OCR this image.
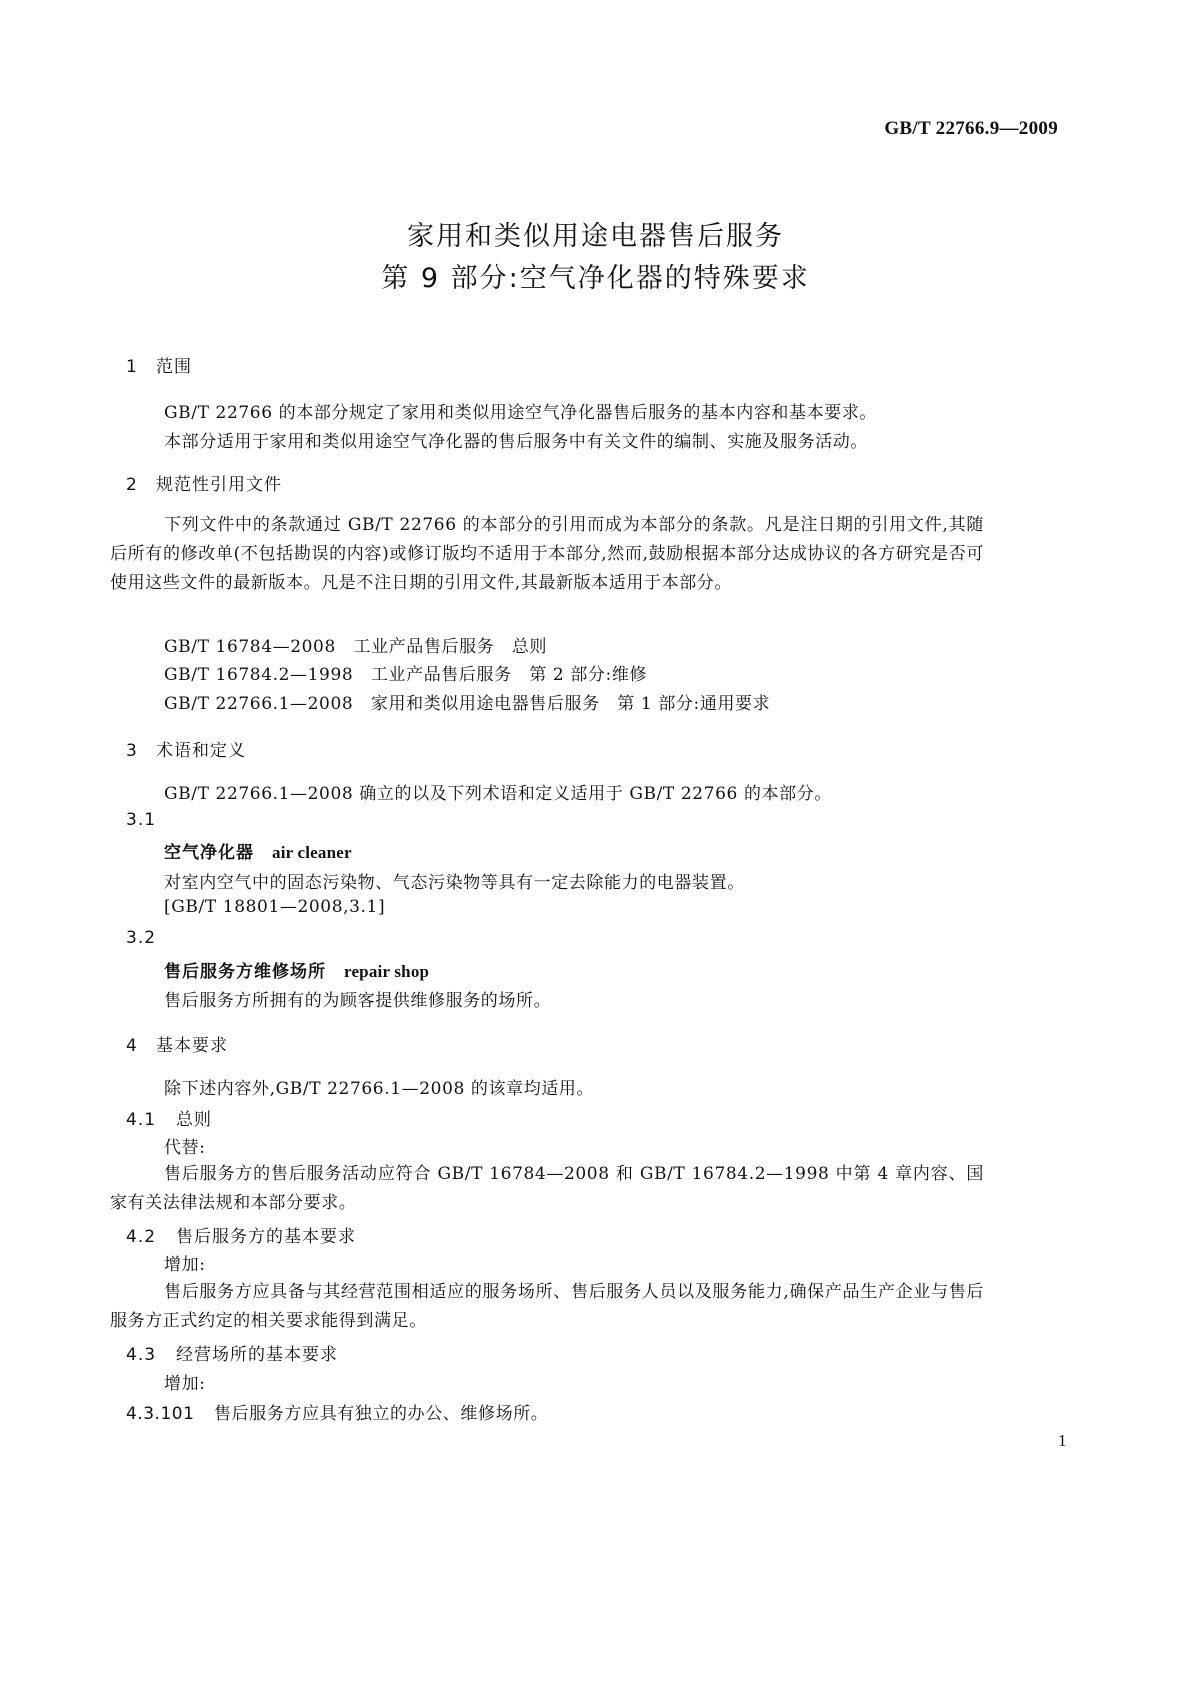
GB/T 22766.9—2009
家用和类似用途电器售后服务
第 9 部分:空气净化器的特殊要求
1 范围
GB/T 22766 的本部分规定了家用和类似用途空气净化器售后服务的基本内容和基本要求。
本部分适用于家用和类似用途空气净化器的售后服务中有关文件的编制、实施及服务活动。
2 规范性引用文件
下列文件中的条款通过 GB/T 22766 的本部分的引用而成为本部分的条款。凡是注日期的引用文件,其随后所有的修改单(不包括勘误的内容)或修订版均不适用于本部分,然而,鼓励根据本部分达成协议的各方研究是否可使用这些文件的最新版本。凡是不注日期的引用文件,其最新版本适用于本部分。
GB/T 16784—2008　工业产品售后服务　总则
GB/T 16784.2—1998　工业产品售后服务　第 2 部分:维修
GB/T 22766.1—2008　家用和类似用途电器售后服务　第 1 部分:通用要求
3 术语和定义
GB/T 22766.1—2008 确立的以及下列术语和定义适用于 GB/T 22766 的本部分。
3.1
空气净化器 air cleaner
对室内空气中的固态污染物、气态污染物等具有一定去除能力的电器装置。
[GB/T 18801—2008,3.1]
3.2
售后服务方维修场所 repair shop
售后服务方所拥有的为顾客提供维修服务的场所。
4 基本要求
除下述内容外,GB/T 22766.1—2008 的该章均适用。
4.1 总则
代替:
售后服务方的售后服务活动应符合 GB/T 16784—2008 和 GB/T 16784.2—1998 中第 4 章内容、国家有关法律法规和本部分要求。
4.2 售后服务方的基本要求
增加:
售后服务方应具备与其经营范围相适应的服务场所、售后服务人员以及服务能力,确保产品生产企业与售后服务方正式约定的相关要求能得到满足。
4.3 经营场所的基本要求
增加:
4.3.101 售后服务方应具有独立的办公、维修场所。
1
